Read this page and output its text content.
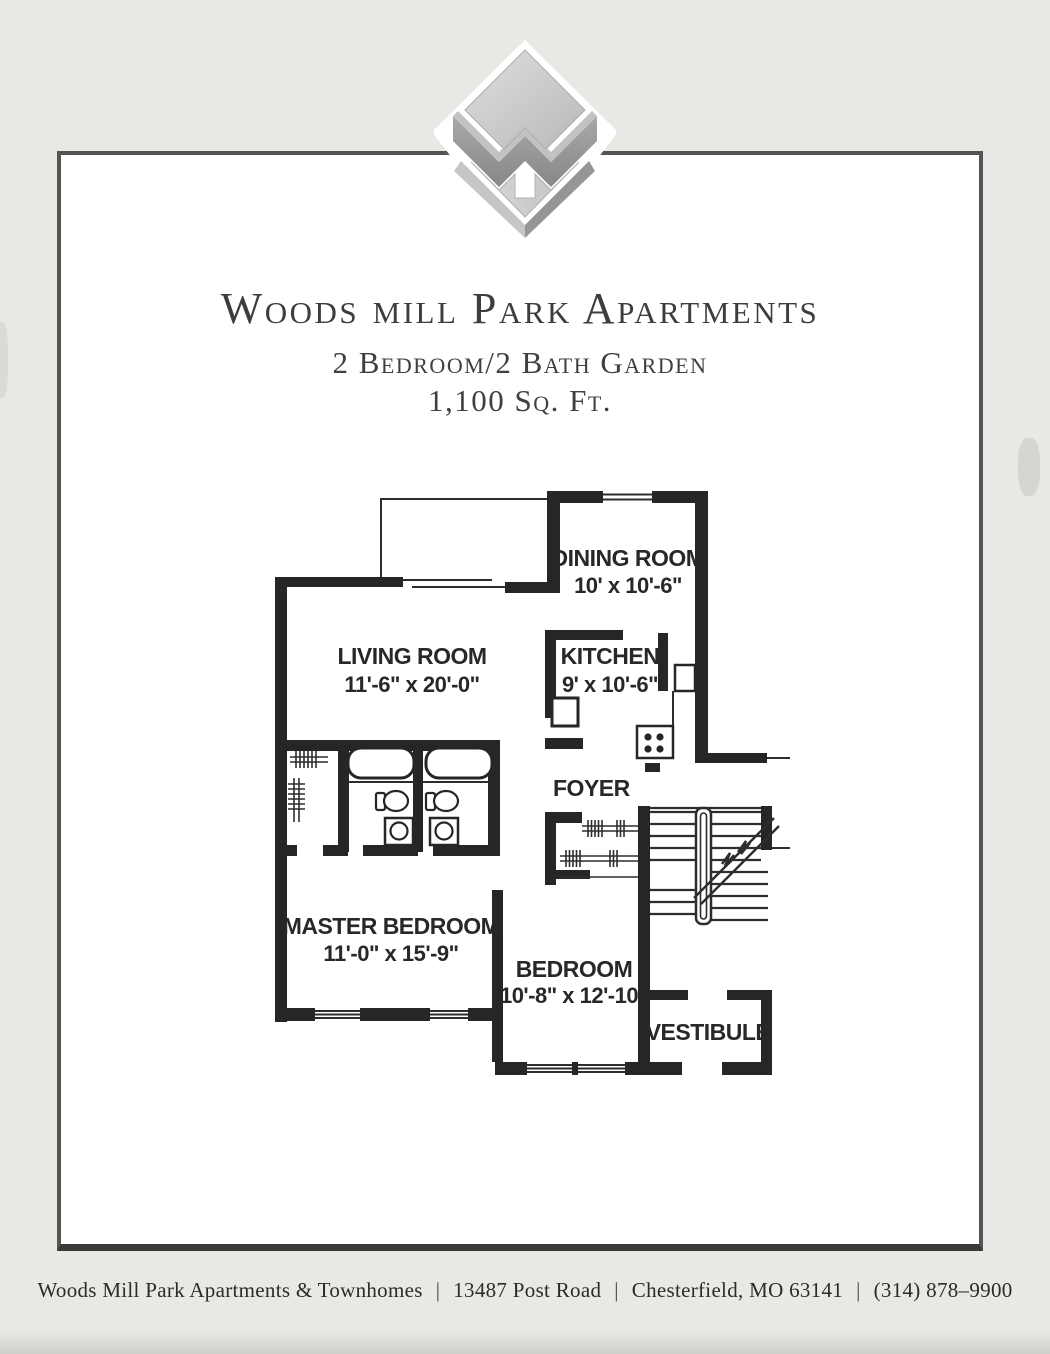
Woods mill Park Apartments
2 Bedroom/2 Bath Garden
1,100 Sq. Ft.
DINING ROOM
10' x 10'-6"
LIVING ROOM
11'-6" x 20'-0"
KITCHEN
9' x 10'-6"
FOYER
MASTER BEDROOM
11'-0" x 15'-9"
BEDROOM
10'-8" x 12'-10"
VESTIBULE
Woods Mill Park Apartments & Townhomes | 13487 Post Road | Chesterfield, MO 63141 | (314) 878–9900
